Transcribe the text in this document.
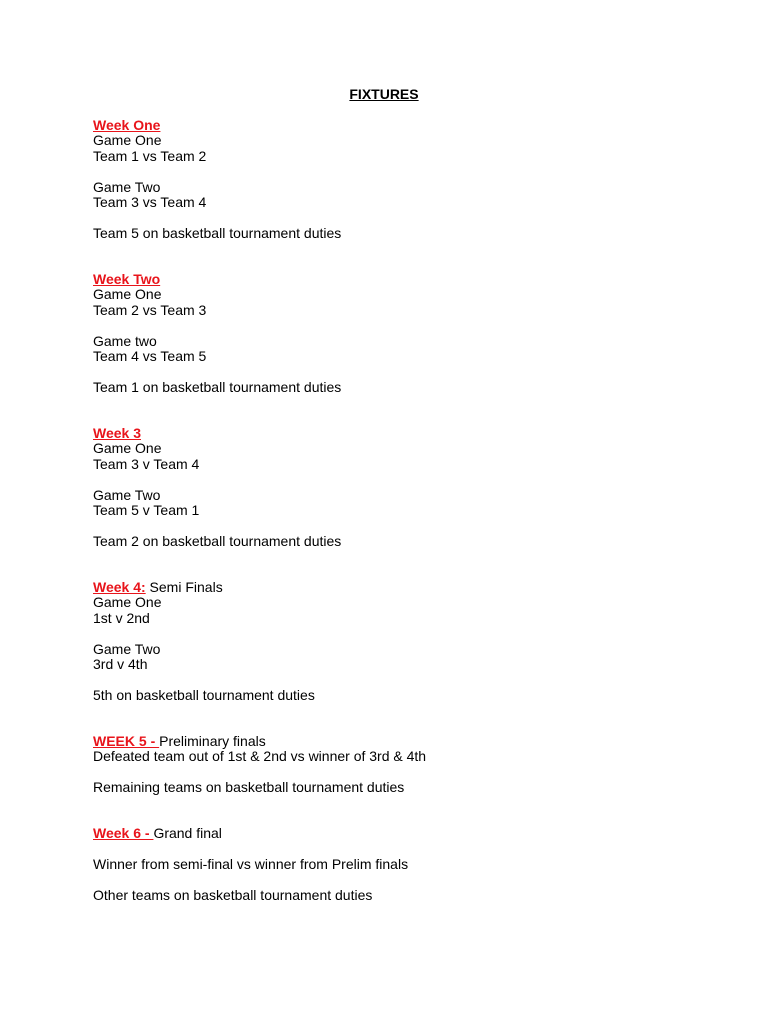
FIXTURES
Week One
Game One
Team 1 vs Team 2
Game Two
Team 3 vs Team 4
Team 5 on basketball tournament duties
Week Two
Game One
Team 2 vs Team 3
Game two
Team 4 vs Team 5
Team 1 on basketball tournament duties
Week 3
Game One
Team 3 v Team 4
Game Two
Team 5 v Team 1
Team 2 on basketball tournament duties
Week 4: Semi Finals
Game One
1st v 2nd
Game Two
3rd v 4th
5th on basketball tournament duties
WEEK 5 - Preliminary finals
Defeated team out of 1st & 2nd vs winner of 3rd & 4th
Remaining teams on basketball tournament duties
Week 6 - Grand final
Winner from semi-final vs winner from Prelim finals
Other teams on basketball tournament duties
